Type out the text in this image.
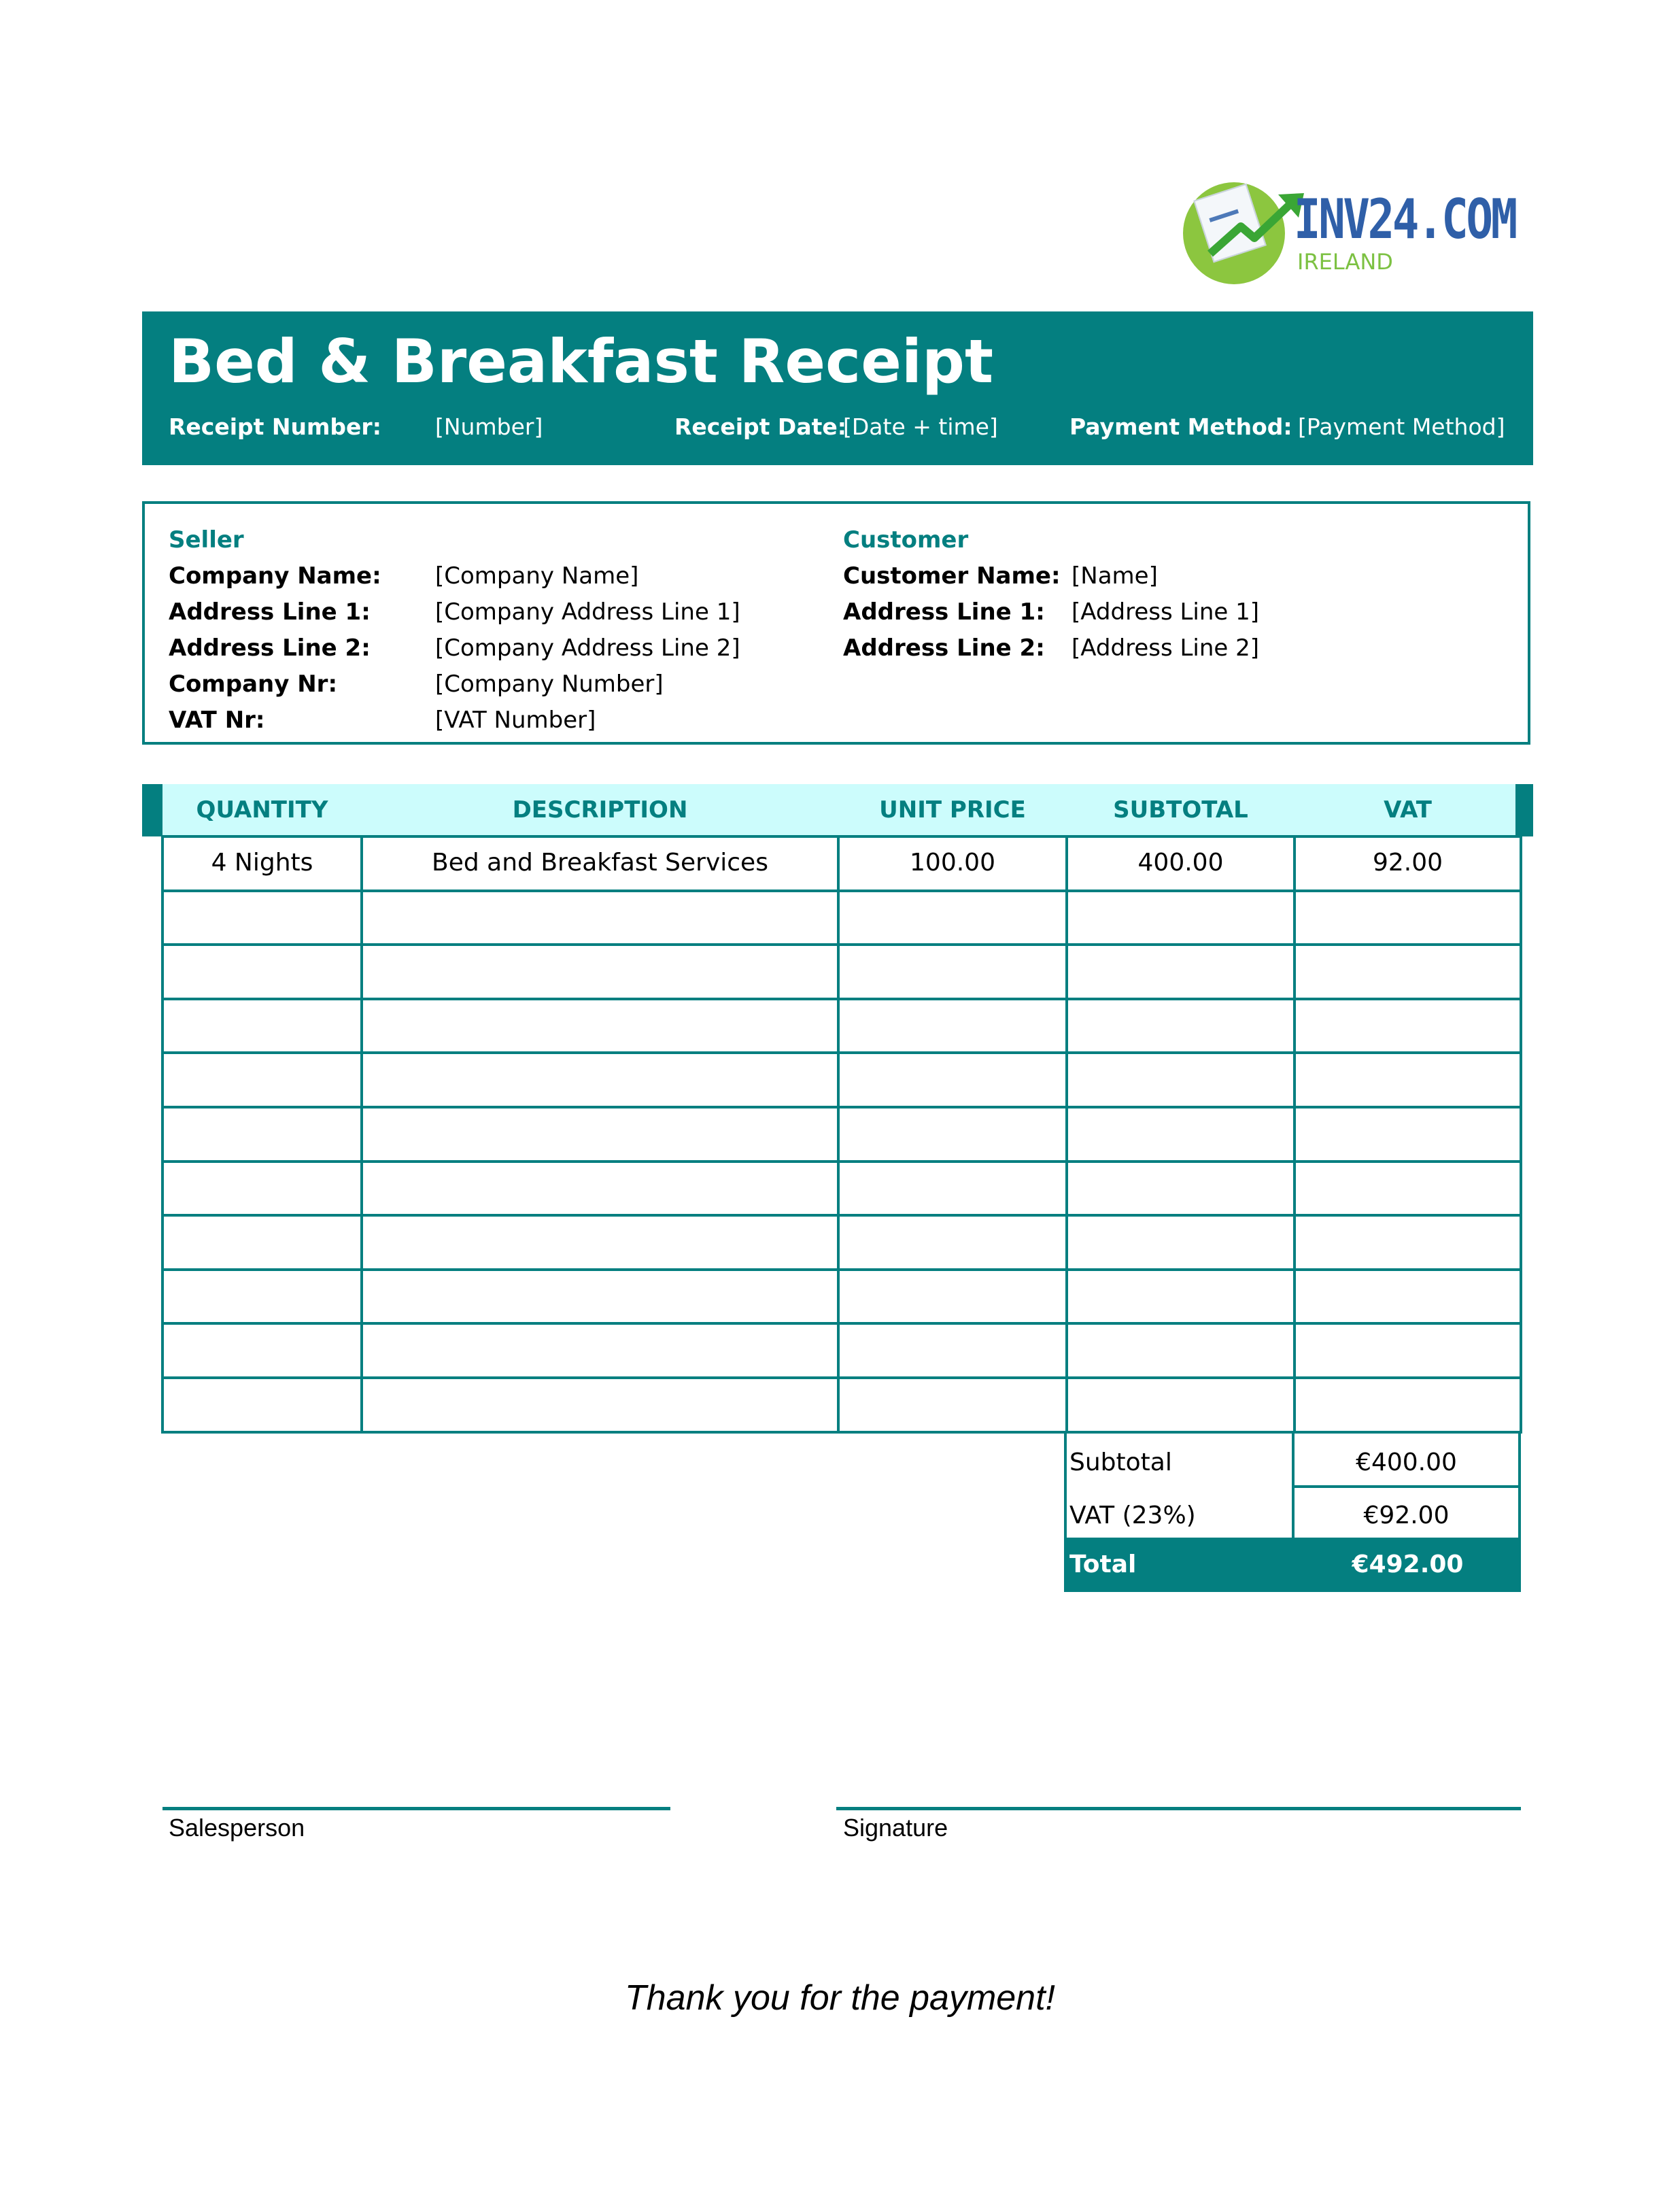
INV24.COM
IRELAND
Bed & Breakfast Receipt
Receipt Number: [Number]	Receipt Date:
[Date + time]	Payment Method: [Payment Method]
Seller
Company Name: [Company Name]
Address Line 1:	[Company Address Line 1]
Address Line 2:	[Company Address Line 2]
Company Nr:	[Company Number]
VAT Nr:	[VAT Number]
Customer
Customer Name: [Name]
Address Line 1: [Address Line 1]
Address Line 2: [Address Line 2]
QUANTITY	DESCRIPTION	UNIT PRICE	SUBTOTAL	VAT
4 Nights	Bed and Breakfast Services	100.00	400.00	92.00
Subtotal	€400.00
VAT (23%)	€92.00
Total	€492.00
Salesperson	Signature
Thank you for the payment!
